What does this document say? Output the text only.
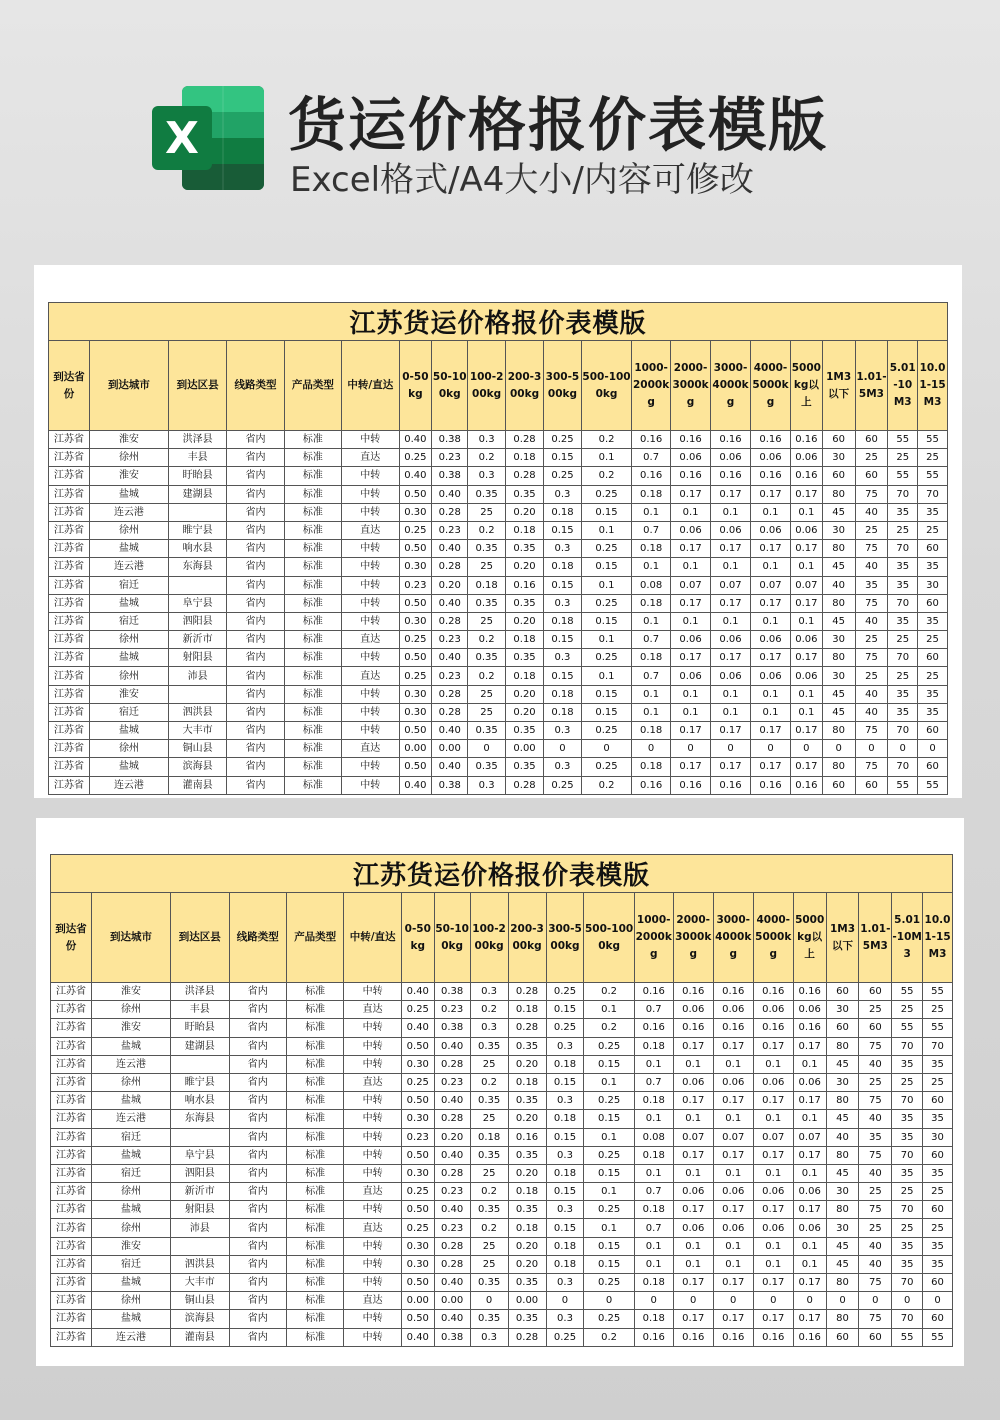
X 货运价格报价表模版
Excel格式/A4大小/内容可修改
江苏货运价格报价表模版																				
到达省份	到达城市	到达区县	线路类型	产品类型	中转/直达	0-50kg	50-100kg	100-200kg	200-300kg	300-500kg	500-1000kg	1000-2000kg	2000-3000kg	3000-4000kg	4000-5000kg	5000kg以上	1M3以下	1.01-5M3	5.01-10M3	10.01-15M3
江苏省	淮安	洪泽县	省内	标准	中转	0.40	0.38	0.3	0.28	0.25	0.2	0.16	0.16	0.16	0.16	0.16	60	60	55	55
江苏省	徐州	丰县	省内	标准	直达	0.25	0.23	0.2	0.18	0.15	0.1	0.7	0.06	0.06	0.06	0.06	30	25	25	25
江苏省	淮安	盱眙县	省内	标准	中转	0.40	0.38	0.3	0.28	0.25	0.2	0.16	0.16	0.16	0.16	0.16	60	60	55	55
江苏省	盐城	建湖县	省内	标准	中转	0.50	0.40	0.35	0.35	0.3	0.25	0.18	0.17	0.17	0.17	0.17	80	75	70	70
江苏省	连云港		省内	标准	中转	0.30	0.28	25	0.20	0.18	0.15	0.1	0.1	0.1	0.1	0.1	45	40	35	35
江苏省	徐州	睢宁县	省内	标准	直达	0.25	0.23	0.2	0.18	0.15	0.1	0.7	0.06	0.06	0.06	0.06	30	25	25	25
江苏省	盐城	响水县	省内	标准	中转	0.50	0.40	0.35	0.35	0.3	0.25	0.18	0.17	0.17	0.17	0.17	80	75	70	60
江苏省	连云港	东海县	省内	标准	中转	0.30	0.28	25	0.20	0.18	0.15	0.1	0.1	0.1	0.1	0.1	45	40	35	35
江苏省	宿迁		省内	标准	中转	0.23	0.20	0.18	0.16	0.15	0.1	0.08	0.07	0.07	0.07	0.07	40	35	35	30
江苏省	盐城	阜宁县	省内	标准	中转	0.50	0.40	0.35	0.35	0.3	0.25	0.18	0.17	0.17	0.17	0.17	80	75	70	60
江苏省	宿迁	泗阳县	省内	标准	中转	0.30	0.28	25	0.20	0.18	0.15	0.1	0.1	0.1	0.1	0.1	45	40	35	35
江苏省	徐州	新沂市	省内	标准	直达	0.25	0.23	0.2	0.18	0.15	0.1	0.7	0.06	0.06	0.06	0.06	30	25	25	25
江苏省	盐城	射阳县	省内	标准	中转	0.50	0.40	0.35	0.35	0.3	0.25	0.18	0.17	0.17	0.17	0.17	80	75	70	60
江苏省	徐州	沛县	省内	标准	直达	0.25	0.23	0.2	0.18	0.15	0.1	0.7	0.06	0.06	0.06	0.06	30	25	25	25
江苏省	淮安		省内	标准	中转	0.30	0.28	25	0.20	0.18	0.15	0.1	0.1	0.1	0.1	0.1	45	40	35	35
江苏省	宿迁	泗洪县	省内	标准	中转	0.30	0.28	25	0.20	0.18	0.15	0.1	0.1	0.1	0.1	0.1	45	40	35	35
江苏省	盐城	大丰市	省内	标准	中转	0.50	0.40	0.35	0.35	0.3	0.25	0.18	0.17	0.17	0.17	0.17	80	75	70	60
江苏省	徐州	铜山县	省内	标准	直达	0.00	0.00	0	0.00	0	0	0	0	0	0	0	0	0	0	0
江苏省	盐城	滨海县	省内	标准	中转	0.50	0.40	0.35	0.35	0.3	0.25	0.18	0.17	0.17	0.17	0.17	80	75	70	60
江苏省	连云港	灌南县	省内	标准	中转	0.40	0.38	0.3	0.28	0.25	0.2	0.16	0.16	0.16	0.16	0.16	60	60	55	55
江苏货运价格报价表模版																				
到达省份	到达城市	到达区县	线路类型	产品类型	中转/直达	0-50kg	50-100kg	100-200kg	200-300kg	300-500kg	500-1000kg	1000-2000kg	2000-3000kg	3000-4000kg	4000-5000kg	5000kg以上	1M3以下	1.01-5M3	5.01-10M3	10.01-15M3
江苏省	淮安	洪泽县	省内	标准	中转	0.40	0.38	0.3	0.28	0.25	0.2	0.16	0.16	0.16	0.16	0.16	60	60	55	55
江苏省	徐州	丰县	省内	标准	直达	0.25	0.23	0.2	0.18	0.15	0.1	0.7	0.06	0.06	0.06	0.06	30	25	25	25
江苏省	淮安	盱眙县	省内	标准	中转	0.40	0.38	0.3	0.28	0.25	0.2	0.16	0.16	0.16	0.16	0.16	60	60	55	55
江苏省	盐城	建湖县	省内	标准	中转	0.50	0.40	0.35	0.35	0.3	0.25	0.18	0.17	0.17	0.17	0.17	80	75	70	70
江苏省	连云港		省内	标准	中转	0.30	0.28	25	0.20	0.18	0.15	0.1	0.1	0.1	0.1	0.1	45	40	35	35
江苏省	徐州	睢宁县	省内	标准	直达	0.25	0.23	0.2	0.18	0.15	0.1	0.7	0.06	0.06	0.06	0.06	30	25	25	25
江苏省	盐城	响水县	省内	标准	中转	0.50	0.40	0.35	0.35	0.3	0.25	0.18	0.17	0.17	0.17	0.17	80	75	70	60
江苏省	连云港	东海县	省内	标准	中转	0.30	0.28	25	0.20	0.18	0.15	0.1	0.1	0.1	0.1	0.1	45	40	35	35
江苏省	宿迁		省内	标准	中转	0.23	0.20	0.18	0.16	0.15	0.1	0.08	0.07	0.07	0.07	0.07	40	35	35	30
江苏省	盐城	阜宁县	省内	标准	中转	0.50	0.40	0.35	0.35	0.3	0.25	0.18	0.17	0.17	0.17	0.17	80	75	70	60
江苏省	宿迁	泗阳县	省内	标准	中转	0.30	0.28	25	0.20	0.18	0.15	0.1	0.1	0.1	0.1	0.1	45	40	35	35
江苏省	徐州	新沂市	省内	标准	直达	0.25	0.23	0.2	0.18	0.15	0.1	0.7	0.06	0.06	0.06	0.06	30	25	25	25
江苏省	盐城	射阳县	省内	标准	中转	0.50	0.40	0.35	0.35	0.3	0.25	0.18	0.17	0.17	0.17	0.17	80	75	70	60
江苏省	徐州	沛县	省内	标准	直达	0.25	0.23	0.2	0.18	0.15	0.1	0.7	0.06	0.06	0.06	0.06	30	25	25	25
江苏省	淮安		省内	标准	中转	0.30	0.28	25	0.20	0.18	0.15	0.1	0.1	0.1	0.1	0.1	45	40	35	35
江苏省	宿迁	泗洪县	省内	标准	中转	0.30	0.28	25	0.20	0.18	0.15	0.1	0.1	0.1	0.1	0.1	45	40	35	35
江苏省	盐城	大丰市	省内	标准	中转	0.50	0.40	0.35	0.35	0.3	0.25	0.18	0.17	0.17	0.17	0.17	80	75	70	60
江苏省	徐州	铜山县	省内	标准	直达	0.00	0.00	0	0.00	0	0	0	0	0	0	0	0	0	0	0
江苏省	盐城	滨海县	省内	标准	中转	0.50	0.40	0.35	0.35	0.3	0.25	0.18	0.17	0.17	0.17	0.17	80	75	70	60
江苏省	连云港	灌南县	省内	标准	中转	0.40	0.38	0.3	0.28	0.25	0.2	0.16	0.16	0.16	0.16	0.16	60	60	55	55
